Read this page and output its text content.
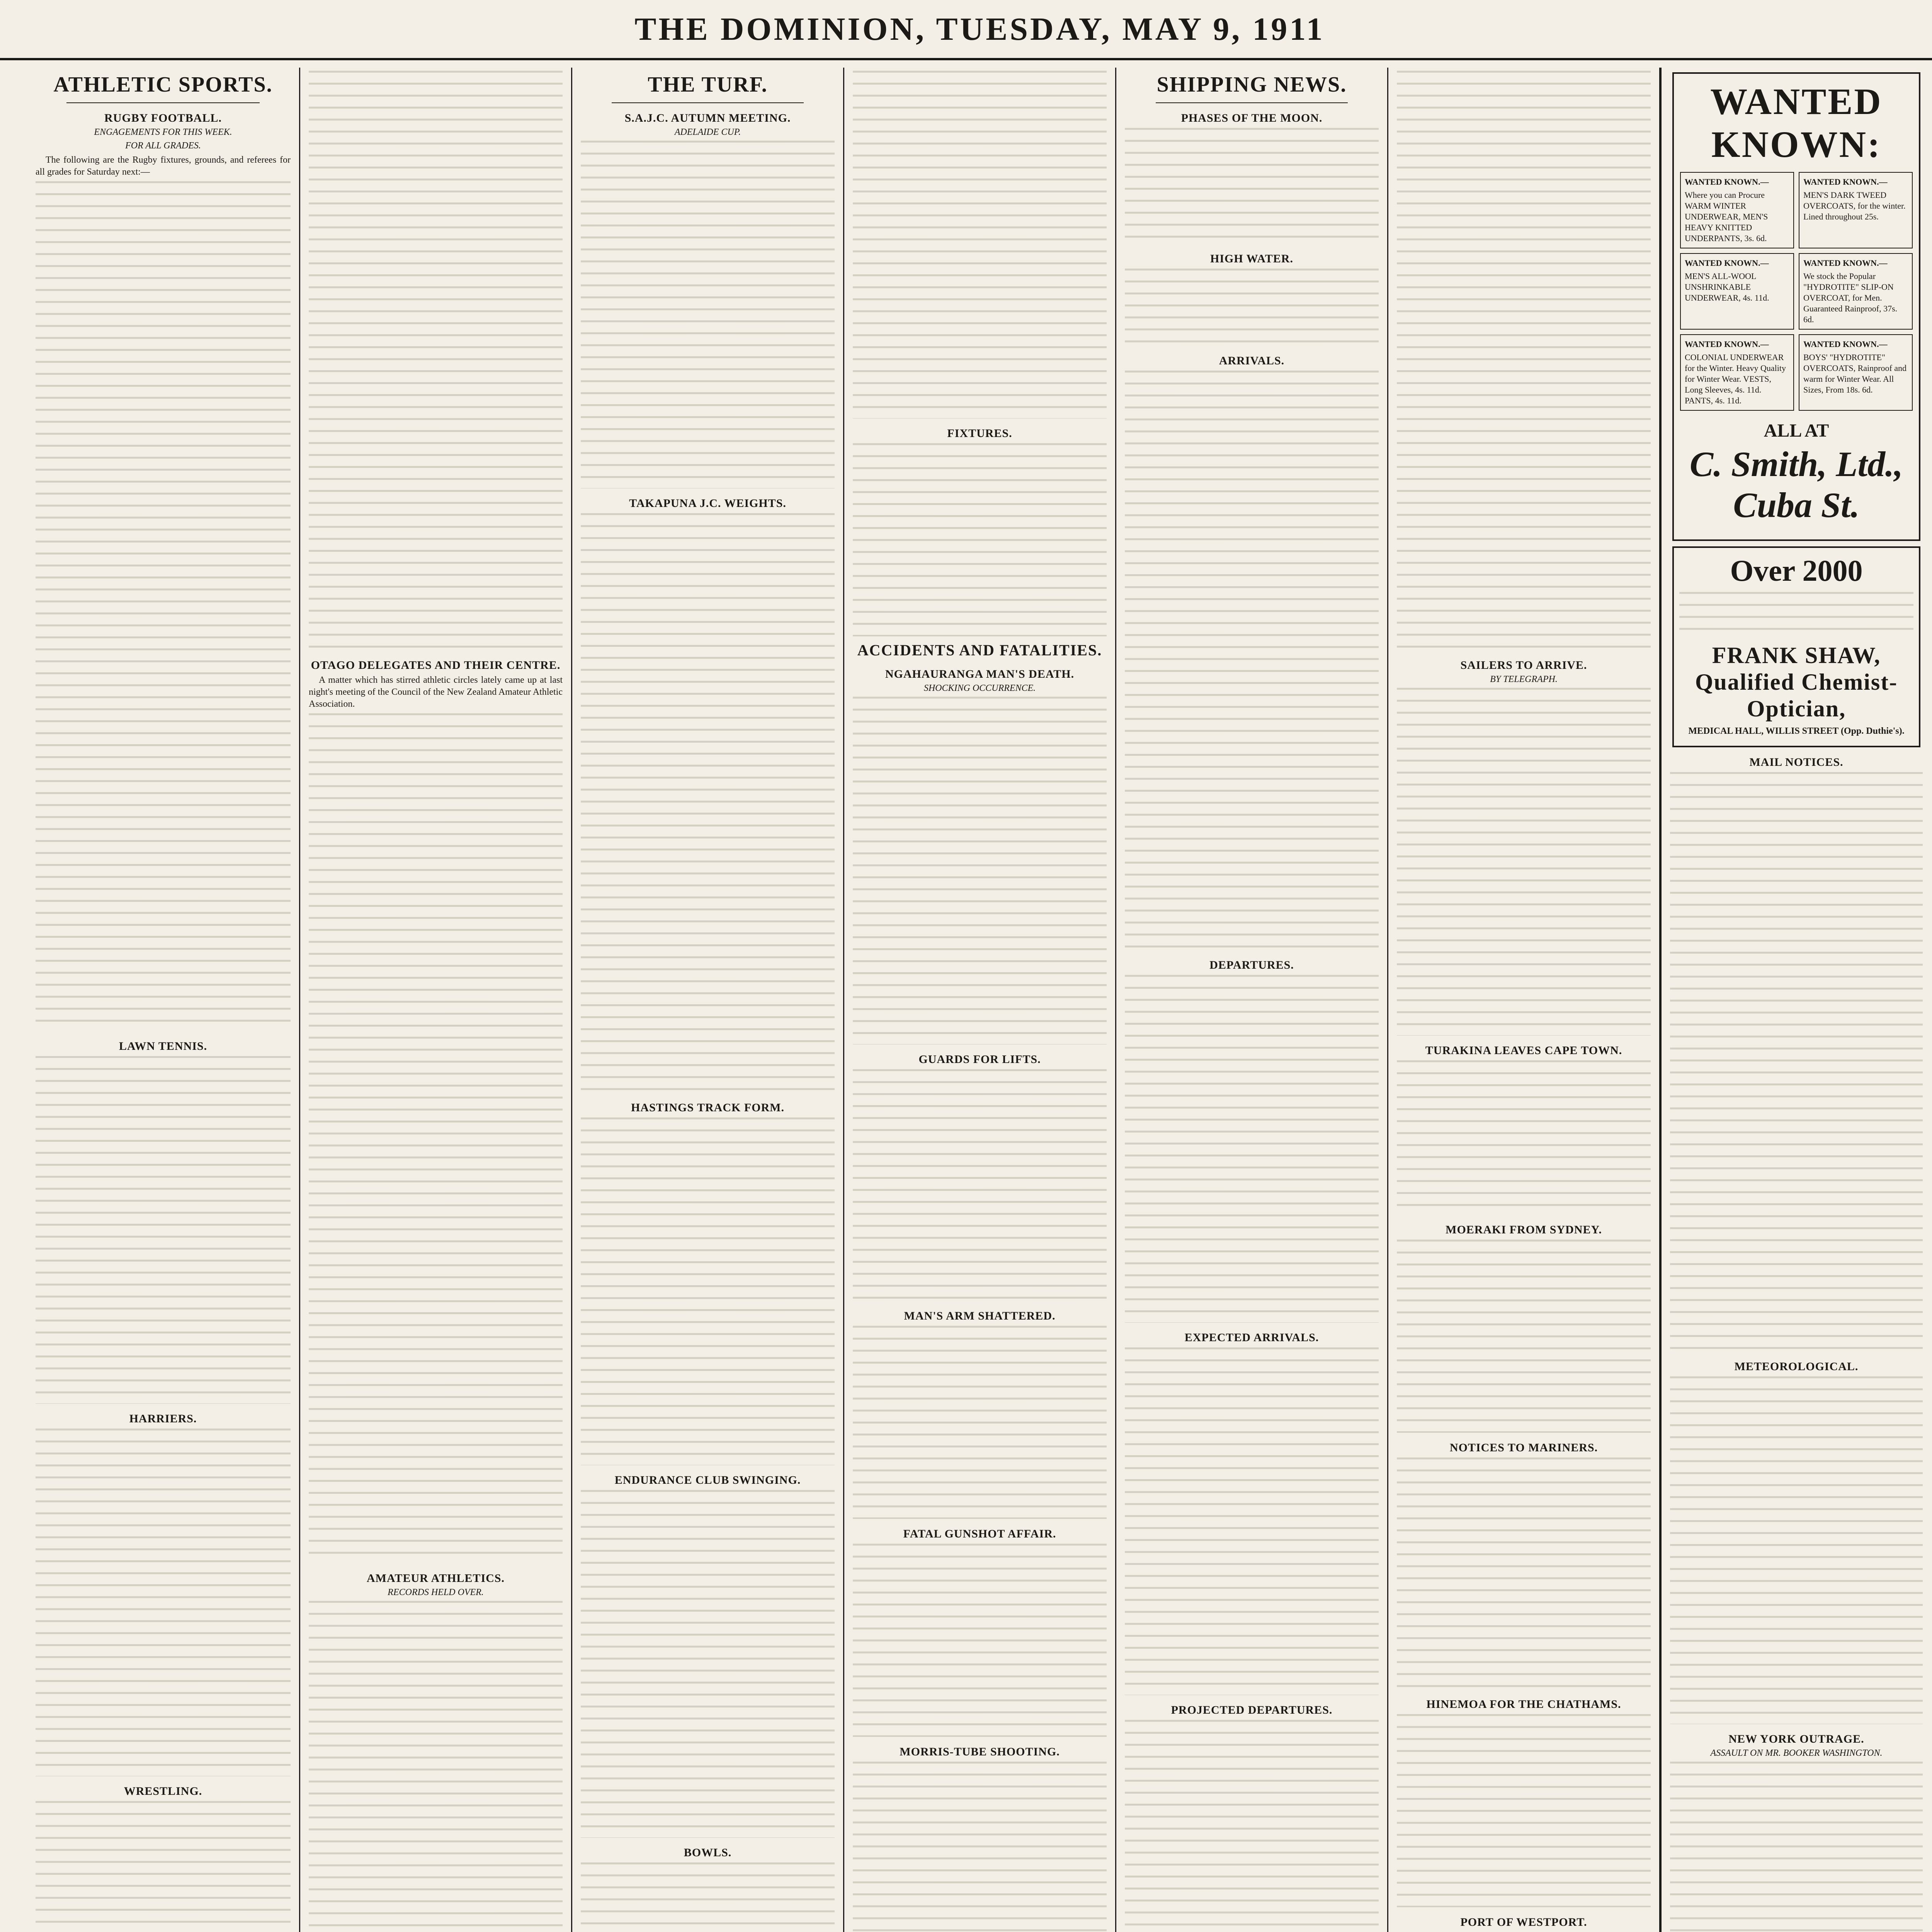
THE DOMINION, TUESDAY, MAY 9, 1911
ATHLETIC SPORTS.
RUGBY FOOTBALL.
ENGAGEMENTS FOR THIS WEEK.
FOR ALL GRADES.

The following are the Rugby fixtures, grounds, and referees for all grades for Saturday next:—

LAWN TENNIS.
HARRIERS.
WRESTLING.
OTAGO DELEGATES AND THEIR CENTRE.

A matter which has stirred athletic circles lately came up at last night's meeting of the Council of the New Zealand Amateur Athletic Association.

AMATEUR ATHLETICS.
RECORDS HELD OVER.
THE TURF.
S.A.J.C. AUTUMN MEETING.
ADELAIDE CUP.
TAKAPUNA J.C. WEIGHTS.
HASTINGS TRACK FORM.
ENDURANCE CLUB SWINGING.
BOWLS.
FIXTURES.
ACCIDENTS AND FATALITIES.
NGAHAURANGA MAN'S DEATH.
SHOCKING OCCURRENCE.
GUARDS FOR LIFTS.
MAN'S ARM SHATTERED.
FATAL GUNSHOT AFFAIR.
MORRIS-TUBE SHOOTING.
SHIPPING NEWS.
PHASES OF THE MOON.
HIGH WATER.
ARRIVALS.
DEPARTURES.
EXPECTED ARRIVALS.
PROJECTED DEPARTURES.
SAILERS TO ARRIVE.
BY TELEGRAPH.
TURAKINA LEAVES CAPE TOWN.
MOERAKI FROM SYDNEY.
NOTICES TO MARINERS.
HINEMOA FOR THE CHATHAMS.
PORT OF WESTPORT.

WANTED KNOWN:

WANTED KNOWN.—
Where you can Procure WARM WINTER UNDERWEAR, MEN'S HEAVY KNITTED UNDERPANTS, 3s. 6d.
WANTED KNOWN.—
MEN'S DARK TWEED OVERCOATS, for the winter. Lined throughout 25s.
WANTED KNOWN.—
MEN'S ALL-WOOL UNSHRINKABLE UNDERWEAR, 4s. 11d.
WANTED KNOWN.—
We stock the Popular "HYDROTITE" SLIP-ON OVERCOAT, for Men. Guaranteed Rainproof, 37s. 6d.
WANTED KNOWN.—
COLONIAL UNDERWEAR for the Winter. Heavy Quality for Winter Wear. VESTS, Long Sleeves, 4s. 11d. PANTS, 4s. 11d.
WANTED KNOWN.—
BOYS' "HYDROTITE" OVERCOATS, Rainproof and warm for Winter Wear. All Sizes, From 18s. 6d.

ALL AT

C. Smith, Ltd., Cuba St.

Over 2000

FRANK SHAW, Qualified Chemist-Optician,

MEDICAL HALL, WILLIS STREET (Opp. Duthie's).

MAIL NOTICES.
METEOROLOGICAL.
NEW YORK OUTRAGE.
ASSAULT ON MR. BOOKER WASHINGTON.
